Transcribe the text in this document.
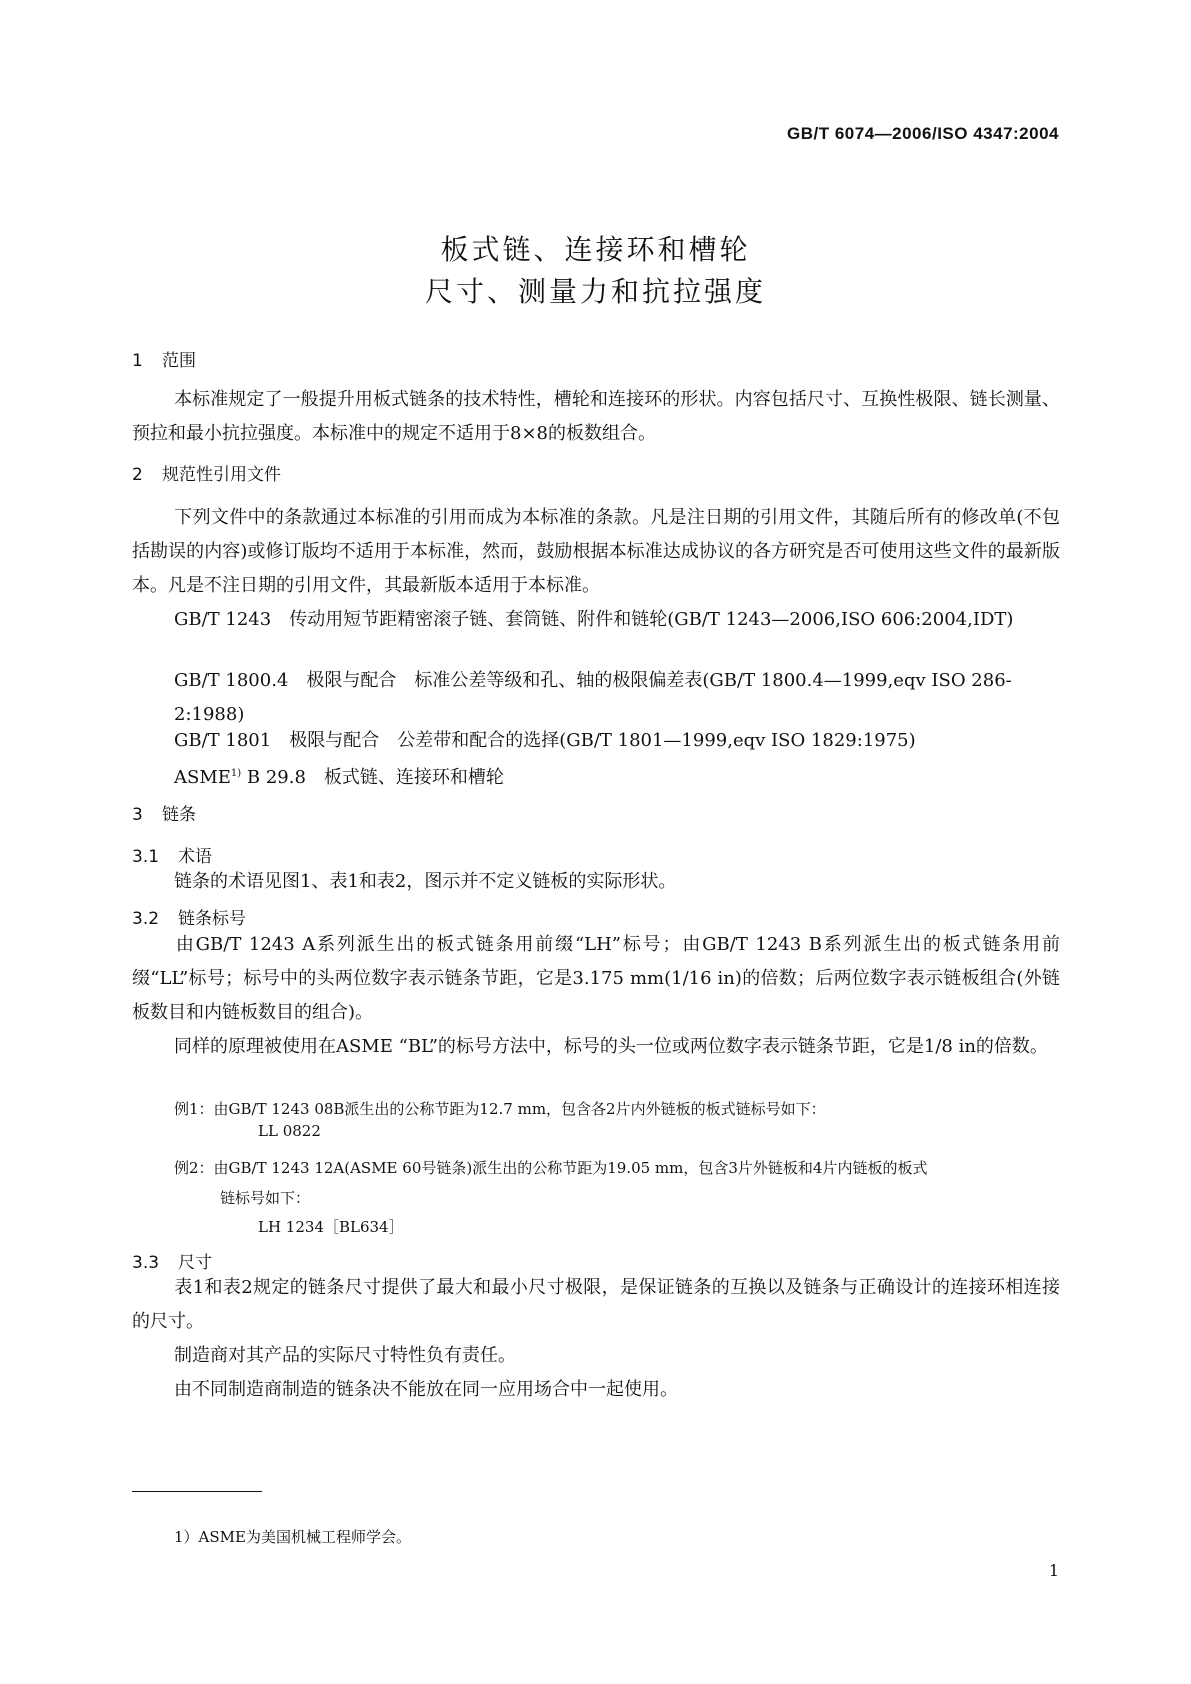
GB/T 6074—2006/ISO 4347:2004
板式链、连接环和槽轮
尺寸、测量力和抗拉强度
1 范围
本标准规定了一般提升用板式链条的技术特性，槽轮和连接环的形状。内容包括尺寸、互换性极限、链长测量、预拉和最小抗拉强度。本标准中的规定不适用于8×8的板数组合。
2 规范性引用文件
下列文件中的条款通过本标准的引用而成为本标准的条款。凡是注日期的引用文件，其随后所有的修改单(不包括勘误的内容)或修订版均不适用于本标准，然而，鼓励根据本标准达成协议的各方研究是否可使用这些文件的最新版本。凡是不注日期的引用文件，其最新版本适用于本标准。
GB/T 1243　传动用短节距精密滚子链、套筒链、附件和链轮(GB/T 1243—2006,ISO 606:2004,IDT)
GB/T 1800.4　极限与配合　标准公差等级和孔、轴的极限偏差表(GB/T 1800.4—1999,eqv ISO 286-2:1988)
GB/T 1801　极限与配合　公差带和配合的选择(GB/T 1801—1999,eqv ISO 1829:1975)
ASME$^{1)}$ B 29.8　板式链、连接环和槽轮
3 链条
3.1 术语
链条的术语见图1、表1和表2，图示并不定义链板的实际形状。
3.2 链条标号
由GB/T 1243 A系列派生出的板式链条用前缀“LH”标号；由GB/T 1243 B系列派生出的板式链条用前缀“LL”标号；标号中的头两位数字表示链条节距，它是3.175 mm(1/16 in)的倍数；后两位数字表示链板组合(外链板数目和内链板数目的组合)。
同样的原理被使用在ASME “BL”的标号方法中，标号的头一位或两位数字表示链条节距，它是1/8 in的倍数。
例1：由GB/T 1243 08B派生出的公称节距为12.7 mm，包含各2片内外链板的板式链标号如下：
LL 0822
例2：由GB/T 1243 12A(ASME 60号链条)派生出的公称节距为19.05 mm，包含3片外链板和4片内链板的板式
链标号如下：
LH 1234［BL634］
3.3 尺寸
表1和表2规定的链条尺寸提供了最大和最小尺寸极限，是保证链条的互换以及链条与正确设计的连接环相连接的尺寸。
制造商对其产品的实际尺寸特性负有责任。
由不同制造商制造的链条决不能放在同一应用场合中一起使用。
1）ASME为美国机械工程师学会。
1
